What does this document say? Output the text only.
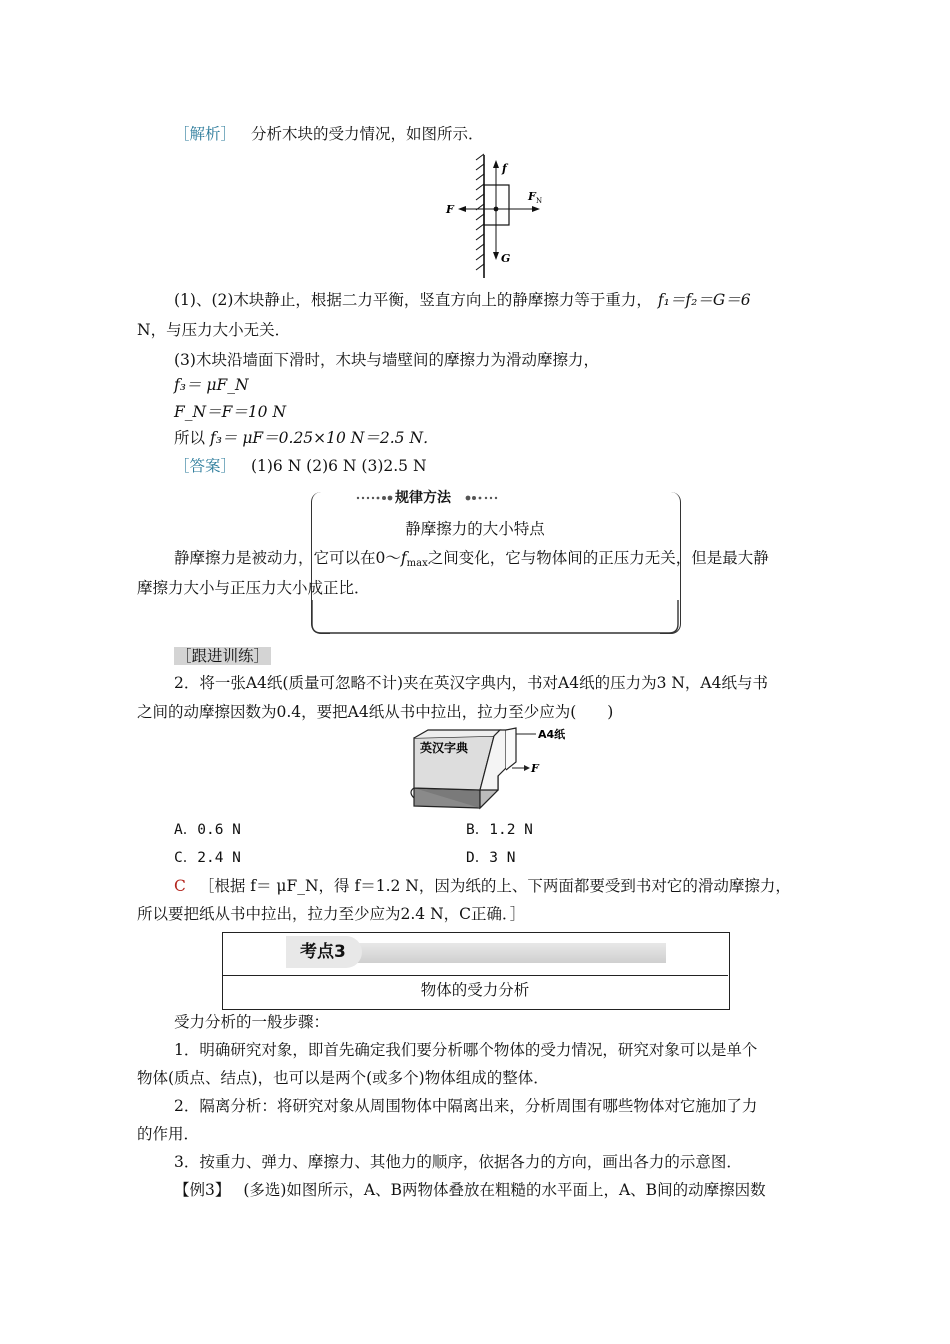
［解析］ 分析木块的受力情况，如图所示．
f
F
F N
G
(1)、(2)木块静止，根据二力平衡，竖直方向上的静摩擦力等于重力， f₁＝f₂＝G＝6
N，与压力大小无关．
(3)木块沿墙面下滑时，木块与墙壁间的摩擦力为滑动摩擦力，
f₃＝ μF_N
F_N＝F＝10 N
所以 f₃＝ μF＝0.25×10 N＝2.5 N．
［答案］ (1)6 N (2)6 N (3)2.5 N
规律方法
静摩擦力的大小特点
静摩擦力是被动力，它可以在$0\sim f_{max}$之间变化，它与物体间的正压力无关，但是最大静
摩擦力大小与正压力大小成正比．
［跟进训练］
2．将一张A4纸(质量可忽略不计)夹在英汉字典内，书对A4纸的压力为3 N，A4纸与书
之间的动摩擦因数为0.4，要把A4纸从书中拉出，拉力至少应为(　　)
英汉字典
A4纸
F
A．0.6 N	B．1.2 N
C．2.4 N	D．3 N
C ［根据 f＝ μF_N，得 f＝1.2 N，因为纸的上、下两面都要受到书对它的滑动摩擦力，
所以要把纸从书中拉出，拉力至少应为2.4 N，C正确．］
考点3
物体的受力分析
受力分析的一般步骤：
1．明确研究对象，即首先确定我们要分析哪个物体的受力情况，研究对象可以是单个
物体(质点、结点)，也可以是两个(或多个)物体组成的整体．
2．隔离分析：将研究对象从周围物体中隔离出来，分析周围有哪些物体对它施加了力
的作用．
3．按重力、弹力、摩擦力、其他力的顺序，依据各力的方向，画出各力的示意图．
【例3】 (多选)如图所示，A、B两物体叠放在粗糙的水平面上，A、B间的动摩擦因数
